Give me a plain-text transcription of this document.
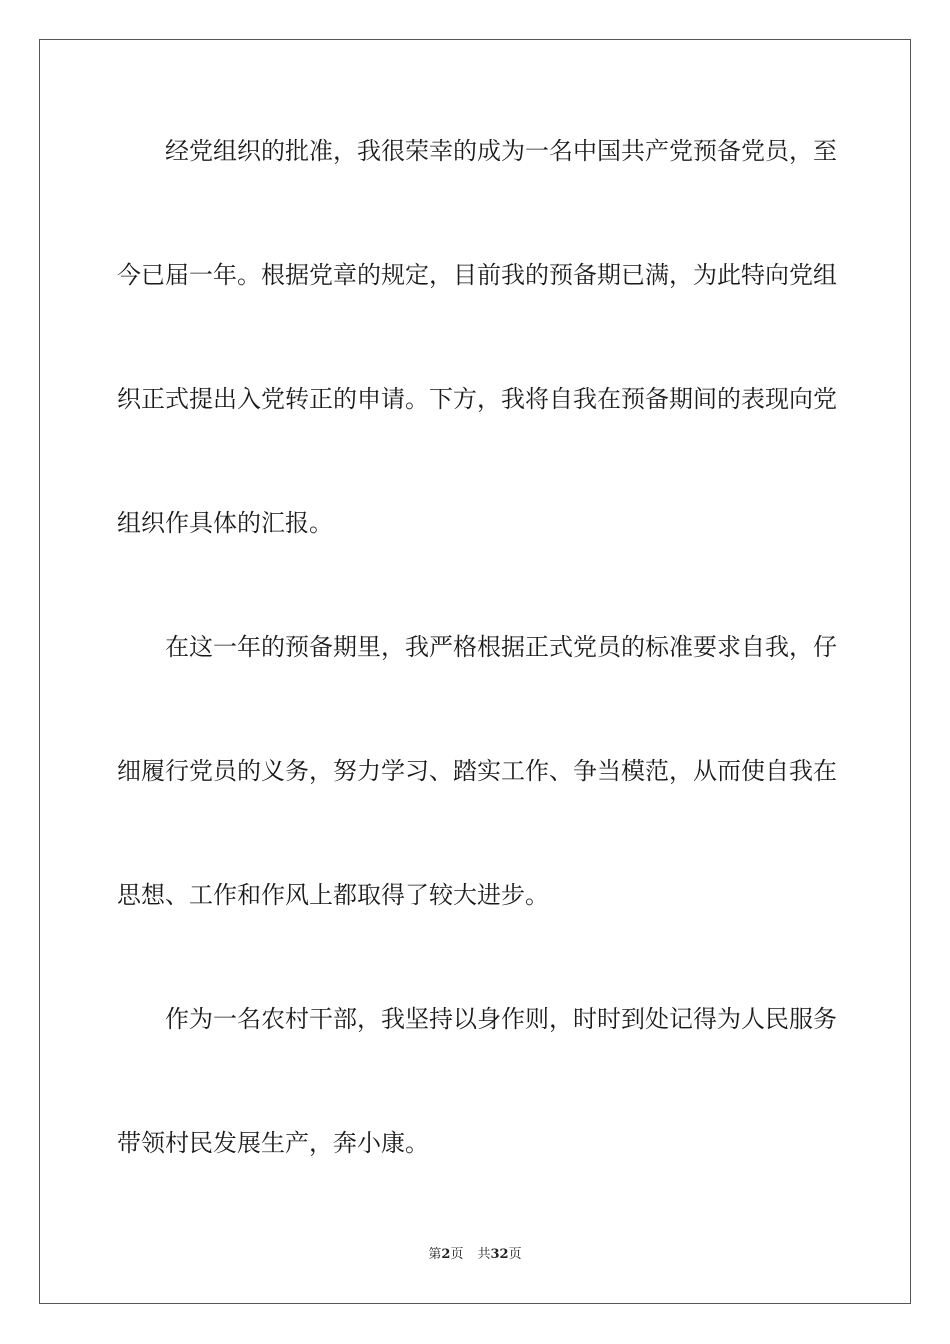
经党组织的批准，我很荣幸的成为一名中国共产党预备党员，至
今已届一年。根据党章的规定，目前我的预备期已满，为此特向党组
织正式提出入党转正的申请。下方，我将自我在预备期间的表现向党
组织作具体的汇报。
在这一年的预备期里，我严格根据正式党员的标准要求自我，仔
细履行党员的义务，努力学习、踏实工作、争当模范，从而使自我在
思想、工作和作风上都取得了较大进步。
作为一名农村干部，我坚持以身作则，时时到处记得为人民服务
带领村民发展生产，奔小康。
第2页 共32页
